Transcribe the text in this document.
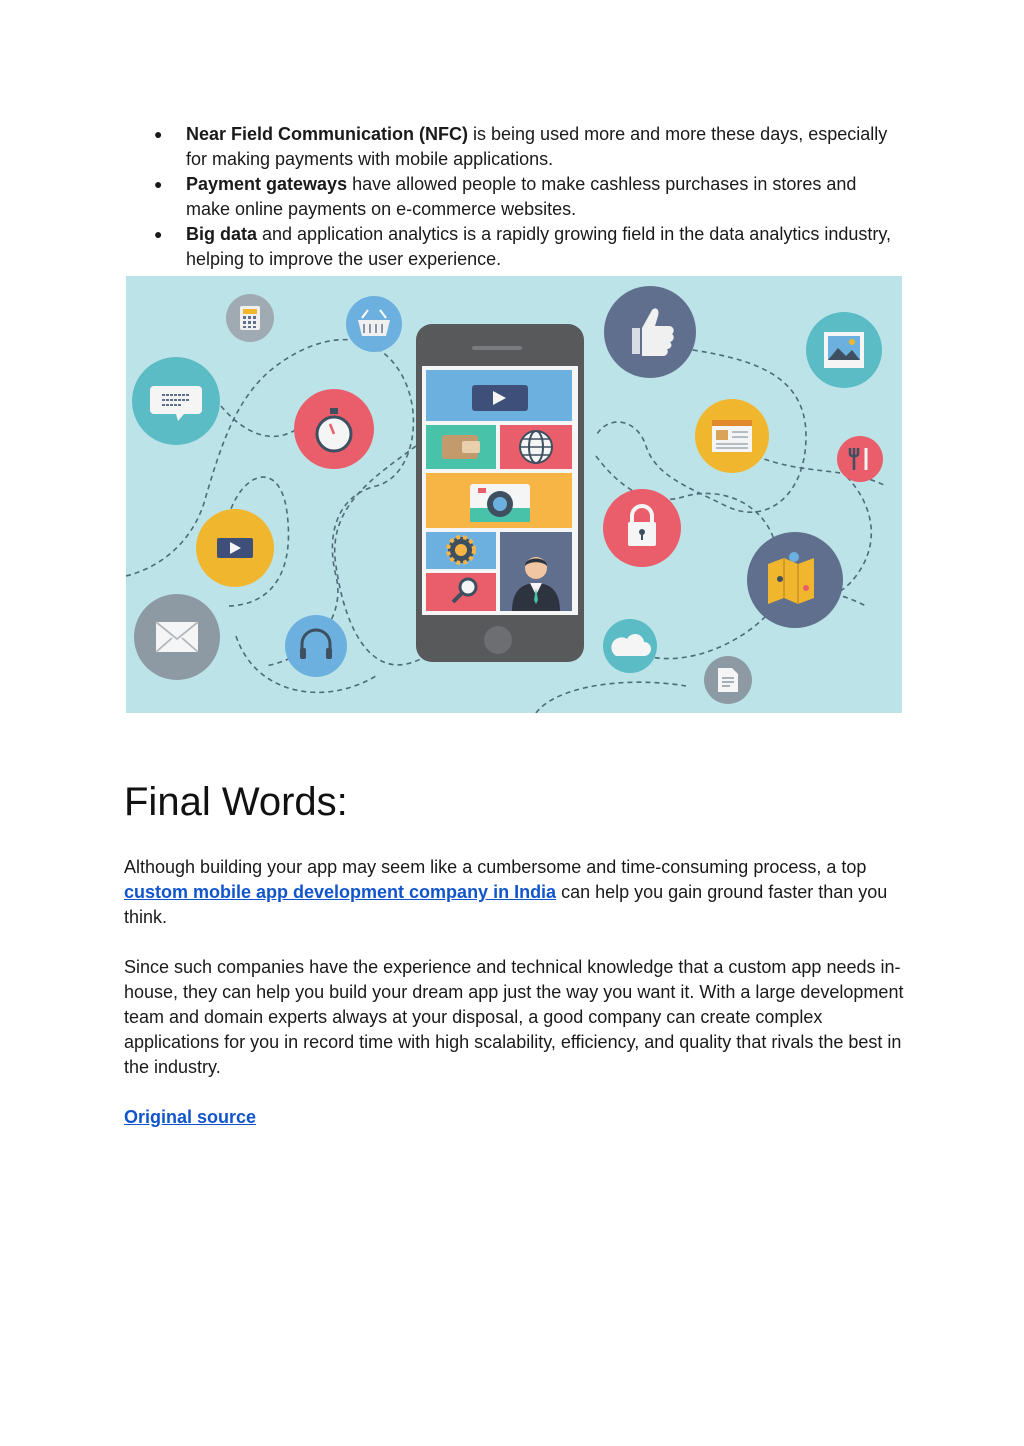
● Near Field Communication (NFC) is being used more and more these days, especially for making payments with mobile applications.
● Payment gateways have allowed people to make cashless purchases in stores and make online payments on e-commerce websites.
● Big data and application analytics is a rapidly growing field in the data analytics industry, helping to improve the user experience.
Final Words:

Although building your app may seem like a cumbersome and time-consuming process, a top custom mobile app development company in India can help you gain ground faster than you think.

Since such companies have the experience and technical knowledge that a custom app needs in-house, they can help you build your dream app just the way you want it. With a large development team and domain experts always at your disposal, a good company can create complex applications for you in record time with high scalability, efficiency, and quality that rivals the best in the industry.

Original source
